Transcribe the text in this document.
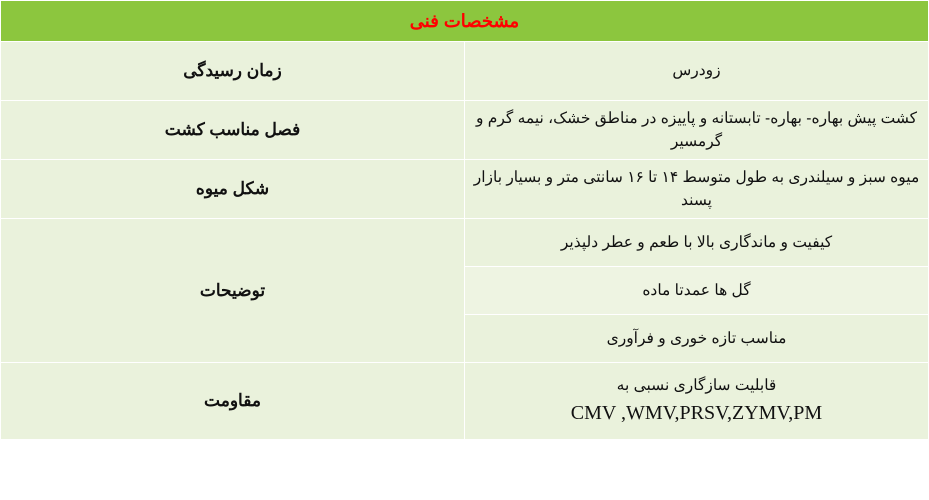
مشخصات فنی	
زودرس	زمان رسیدگی
کشت پیش بهاره- بهاره- تابستانه و پاییزه در مناطق خشک، نیمه گرم و گرمسیر	فصل مناسب کشت
میوه سبز و سیلندری به طول متوسط ۱۴ تا ۱۶ سانتی متر و بسیار بازار پسند	شکل میوه
کیفیت و ماندگاری بالا با طعم و عطر دلپذیر	توضیحات
گل ها عمدتا ماده	
مناسب تازه خوری و فرآوری	

قابلیت سازگاری نسبی به
CMV ,WMV,PRSV,ZYMV,PM	مقاومت
